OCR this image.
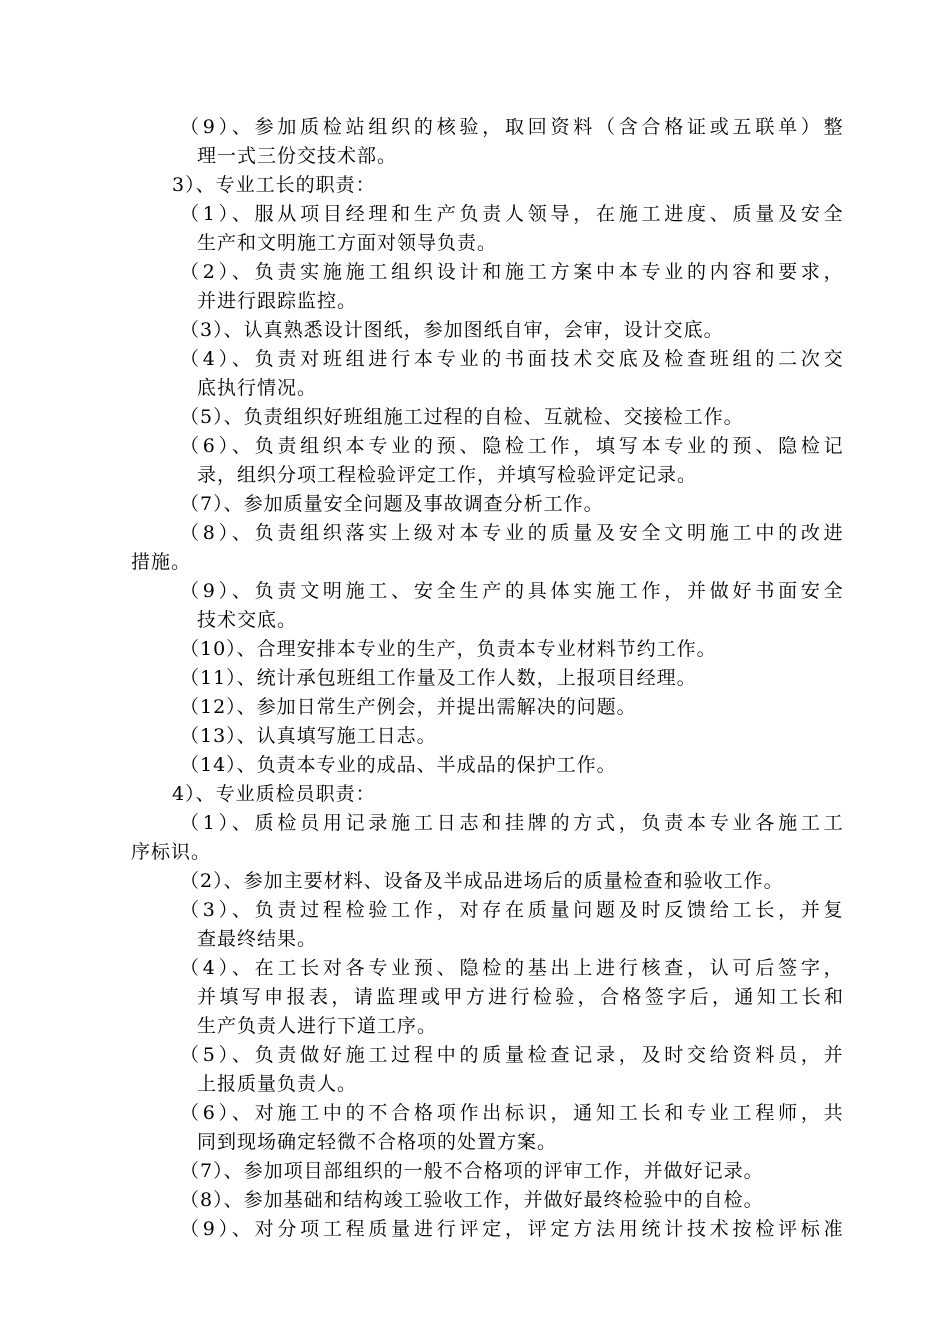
（9）、参加质检站组织的核验，取回资料（含合格证或五联单）整
理一式三份交技术部。
3）、专业工长的职责：
（1）、服从项目经理和生产负责人领导，在施工进度、质量及安全
生产和文明施工方面对领导负责。
（2）、负责实施施工组织设计和施工方案中本专业的内容和要求，
并进行跟踪监控。
（3）、认真熟悉设计图纸，参加图纸自审，会审，设计交底。
（4）、负责对班组进行本专业的书面技术交底及检查班组的二次交
底执行情况。
（5）、负责组织好班组施工过程的自检、互就检、交接检工作。
（6）、负责组织本专业的预、隐检工作，填写本专业的预、隐检记
录，组织分项工程检验评定工作，并填写检验评定记录。
（7）、参加质量安全问题及事故调查分析工作。
（8）、负责组织落实上级对本专业的质量及安全文明施工中的改进
措施。
（9）、负责文明施工、安全生产的具体实施工作，并做好书面安全
技术交底。
（10）、合理安排本专业的生产，负责本专业材料节约工作。
（11）、统计承包班组工作量及工作人数，上报项目经理。
（12）、参加日常生产例会，并提出需解决的问题。
（13）、认真填写施工日志。
（14）、负责本专业的成品、半成品的保护工作。
4）、专业质检员职责：
（1）、质检员用记录施工日志和挂牌的方式，负责本专业各施工工
序标识。
（2）、参加主要材料、设备及半成品进场后的质量检查和验收工作。
（3）、负责过程检验工作，对存在质量问题及时反馈给工长，并复
查最终结果。
（4）、在工长对各专业预、隐检的基出上进行核查，认可后签字，
并填写申报表，请监理或甲方进行检验，合格签字后，通知工长和
生产负责人进行下道工序。
（5）、负责做好施工过程中的质量检查记录，及时交给资料员，并
上报质量负责人。
（6）、对施工中的不合格项作出标识，通知工长和专业工程师，共
同到现场确定轻微不合格项的处置方案。
（7）、参加项目部组织的一般不合格项的评审工作，并做好记录。
（8）、参加基础和结构竣工验收工作，并做好最终检验中的自检。
（9）、对分项工程质量进行评定，评定方法用统计技术按检评标准
